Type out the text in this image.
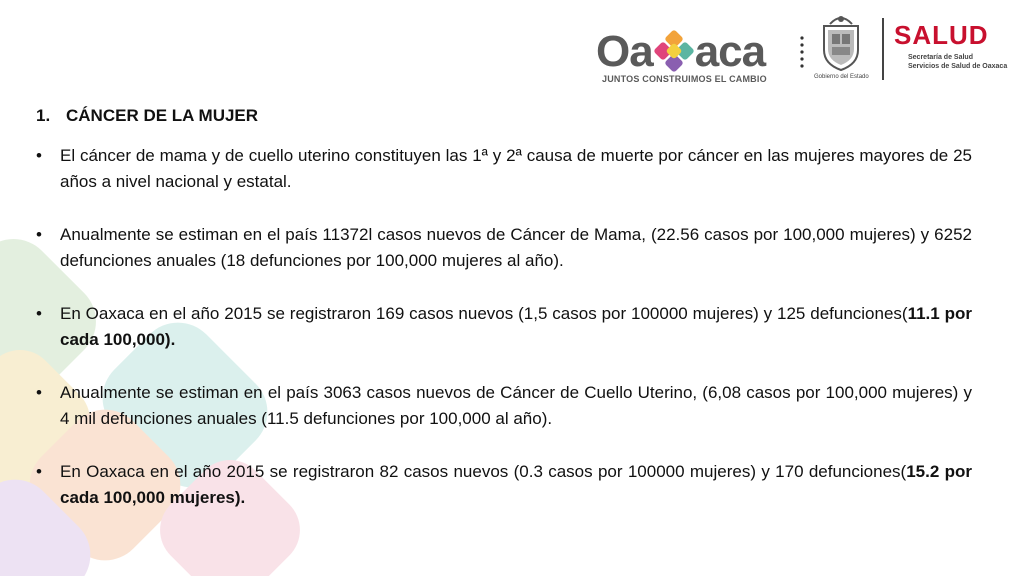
Oa aca
JUNTOS CONSTRUIMOS EL CAMBIO	Gobierno del Estado
SALUD
Secretaría de Salud
Servicios de Salud de Oaxaca
1. CÁNCER DE LA MUJER
• El cáncer de mama y de cuello uterino constituyen las 1ª y 2ª causa de muerte por cáncer en las mujeres mayores de 25 años a nivel nacional y estatal.
• Anualmente se estiman en el país 11372l casos nuevos de Cáncer de Mama, (22.56 casos por 100,000 mujeres) y 6252 defunciones anuales (18 defunciones por 100,000 mujeres al año).
• En Oaxaca en el año 2015 se registraron 169 casos nuevos (1,5 casos por 100000 mujeres) y 125 defunciones(11.1 por cada 100,000).
• Anualmente se estiman en el país 3063 casos nuevos de Cáncer de Cuello Uterino, (6,08 casos por 100,000 mujeres) y 4 mil defunciones anuales (11.5 defunciones por 100,000 al año).
• En Oaxaca en el año 2015 se registraron 82 casos nuevos (0.3 casos por 100000 mujeres) y 170 defunciones(15.2 por cada 100,000 mujeres).
